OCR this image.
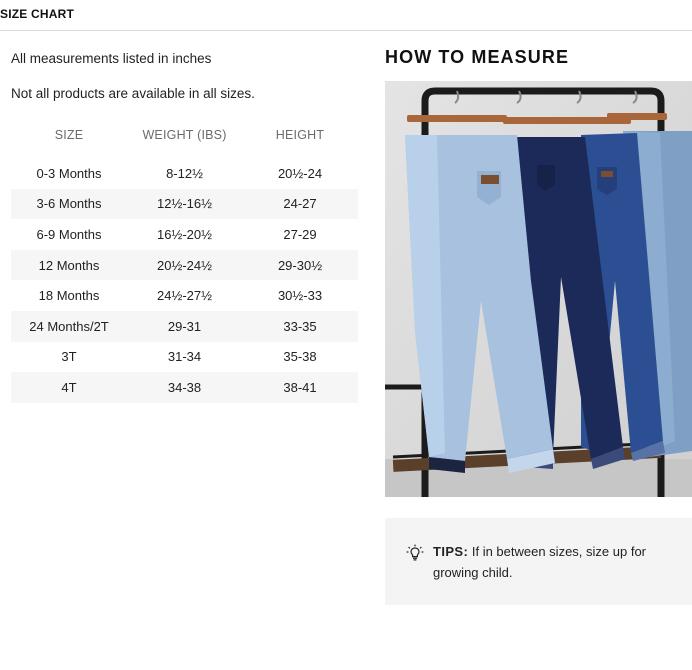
SIZE CHART
All measurements listed in inches
Not all products are available in all sizes.
SIZE	WEIGHT (IBS)	HEIGHT

0-3 Months	8-12½	20½-24
3-6 Months	12½-16½	24-27
6-9 Months	16½-20½	27-29
12 Months	20½-24½	29-30½
18 Months	24½-27½	30½-33
24 Months/2T	29-31	33-35
3T	31-34	35-38
4T	34-38	38-41
HOW TO MEASURE
TIPS: If in between sizes, size up for growing child.
